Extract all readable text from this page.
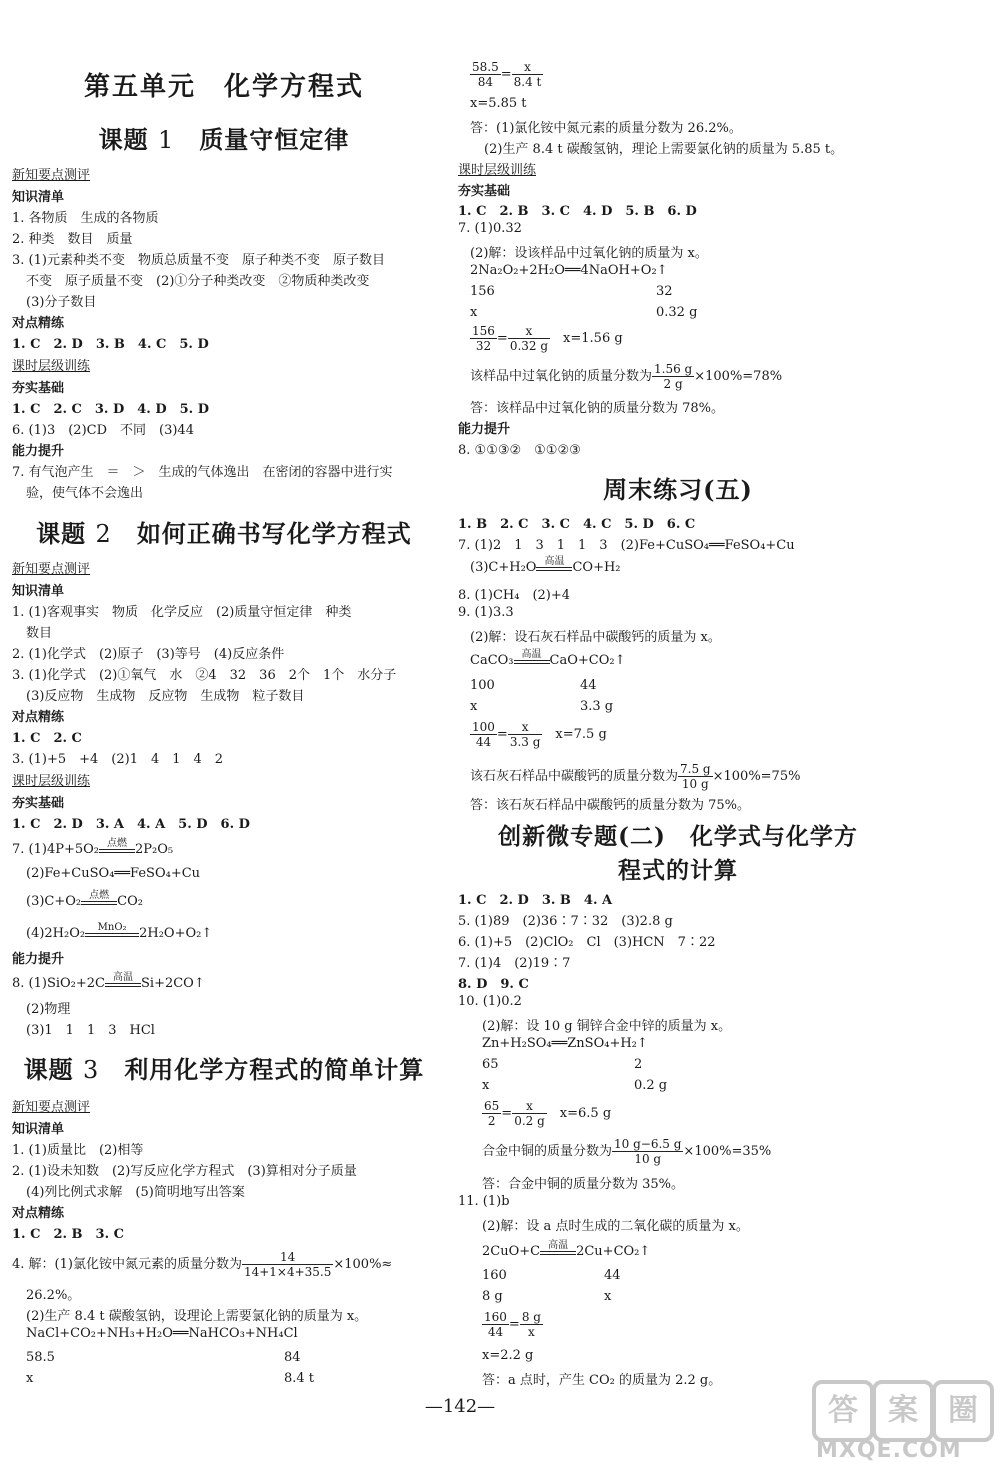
第五单元　化学方程式
课题 1　 质量守恒定律
新知要点测评
知识清单
1. 各物质　生成的各物质
2. 种类　数目　质量
3. (1)元素种类不变　物质总质量不变　原子种类不变　原子数目
不变　原子质量不变　(2)①分子种类改变　②物质种类改变
(3)分子数目
对点精练
1. C　2. D　3. B　4. C　5. D
课时层级训练
夯实基础
1. C　2. C　3. D　4. D　5. D
6. (1)3　(2)CD　不同　(3)44
能力提升
7. 有气泡产生　＝　＞　生成的气体逸出　在密闭的容器中进行实
验，使气体不会逸出
课题 2　 如何正确书写化学方程式
新知要点测评
知识清单
1. (1)客观事实　物质　化学反应　(2)质量守恒定律　种类
数目
2. (1)化学式　(2)原子　(3)等号　(4)反应条件
3. (1)化学式　(2)①氧气　水　②4　32　36　2个　1个　水分子
(3)反应物　生成物　反应物　生成物　粒子数目
对点精练
1. C　2. C
3. (1)+5　+4　(2)1　4　1　4　2
课时层级训练
夯实基础
1. C　2. D　3. A　4. A　5. D　6. D
7. (1)4P+5O₂ 点燃 2P₂O₅
(2)Fe+CuSO₄══FeSO₄+Cu
(3)C+O₂ 点燃 CO₂
(4)2H₂O₂	MnO₂ 2H₂O+O₂↑
能力提升
8. (1)SiO₂+2C 高温 Si+2CO↑
(2)物理
(3)1　1　1　3　HCl
课题 3　 利用化学方程式的简单计算
新知要点测评
知识清单
1. (1)质量比　(2)相等
2. (1)设未知数　(2)写反应化学方程式　(3)算相对分子质量
(4)列比例式求解　(5)简明地写出答案
对点精练
1. C　2. B　3. C
4. 解：(1)氯化铵中氮元素的质量分数为 $\frac{14}{14+1\times 4+35.5} \times 100\%\approx$
26.2%。
(2)生产 8.4 t 碳酸氢钠，设理论上需要氯化钠的质量为 x。
NaCl+CO₂+NH₃+H₂O══NaHCO₃+NH₄Cl
58.5	84
x	8.4 t
$\frac{58.5}{84} = \frac{x}{8.4 t}$
x=5.85 t
答：(1)氯化铵中氮元素的质量分数为 26.2%。
(2)生产 8.4 t 碳酸氢钠，理论上需要氯化钠的质量为 5.85 t。
课时层级训练
夯实基础
1. C　2. B　3. C　4. D　5. B　6. D
7. (1)0.32
(2)解：设该样品中过氧化钠的质量为 x。
2Na₂O₂+2H₂O══4NaOH+O₂↑
156	32
x	0.32 g
$\frac{156}{32} = \frac{x}{0.32 g}$
　 x=1.56 g
该样品中过氧化钠的质量分数为 $\frac{1.56 g}{2 g} \times 100\%=78\%$
答：该样品中过氧化钠的质量分数为 78%。
能力提升
8. ①①③②　①①②③
周末练习(五)
1. B　2. C　3. C　4. C　5. D　6. C
7. (1)2　1　3　1　1　3　(2)Fe+CuSO₄══FeSO₄+Cu
(3)C+H₂O 高温 CO+H₂
8. (1)CH₄　(2)+4
9. (1)3.3
(2)解：设石灰石样品中碳酸钙的质量为 x。
CaCO₃ 高温 CaO+CO₂↑
100	44
x	3.3 g
$\frac{100}{44} = \frac{x}{3.3 g}$
　 x=7.5 g
该石灰石样品中碳酸钙的质量分数为 $\frac{7.5 g}{10 g} \times 100\%=75\%$
答：该石灰石样品中碳酸钙的质量分数为 75%。
创新微专题(二)　化学式与化学方
程式的计算
1. C　2. D　3. B　4. A
5. (1)89　(2)36∶7∶32　(3)2.8 g
6. (1)+5　(2)ClO₂　Cl　(3)HCN　7∶22
7. (1)4　(2)19∶7
8. D　9. C
10. (1)0.2
(2)解：设 10 g 铜锌合金中锌的质量为 x。
Zn+H₂SO₄══ZnSO₄+H₂↑
65	2
x	0.2 g
$\frac{65}{2} = \frac{x}{0.2 g}$
　 x=6.5 g
合金中铜的质量分数为 $\frac{10 g-6.5 g}{10 g} \times 100\%=35\%$
答：合金中铜的质量分数为 35%。
11. (1)b
(2)解：设 a 点时生成的二氧化碳的质量为 x。
2CuO+C 高温 2Cu+CO₂↑
160	44
8 g	x
$\frac{160}{44} = \frac{8 g}{x}$
x=2.2 g
答：a 点时，产生 CO₂ 的质量为 2.2 g。
—142—	答	案	圈
MXQE.COM
